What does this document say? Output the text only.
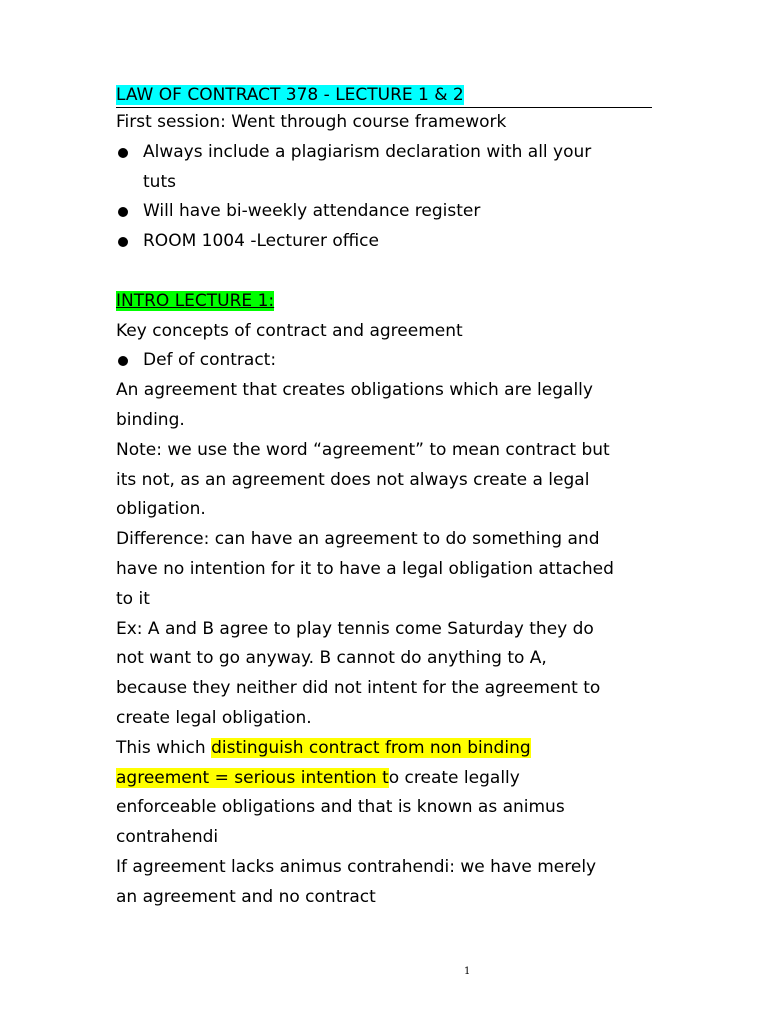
LAW OF CONTRACT 378 - LECTURE 1 & 2
First session: Went through course framework
Always include a plagiarism declaration with all your
tuts
Will have bi-weekly attendance register
ROOM 1004 -Lecturer office
INTRO LECTURE 1:
Key concepts of contract and agreement
Def of contract:
An agreement that creates obligations which are legally
binding.
Note: we use the word “agreement” to mean contract but
its not, as an agreement does not always create a legal
obligation.
Difference: can have an agreement to do something and
have no intention for it to have a legal obligation attached
to it
Ex: A and B agree to play tennis come Saturday they do
not want to go anyway. B cannot do anything to A,
because they neither did not intent for the agreement to
create legal obligation.
This which distinguish contract from non binding
agreement = serious intention to create legally
enforceable obligations and that is known as animus
contrahendi
If agreement lacks animus contrahendi: we have merely
an agreement and no contract
1
